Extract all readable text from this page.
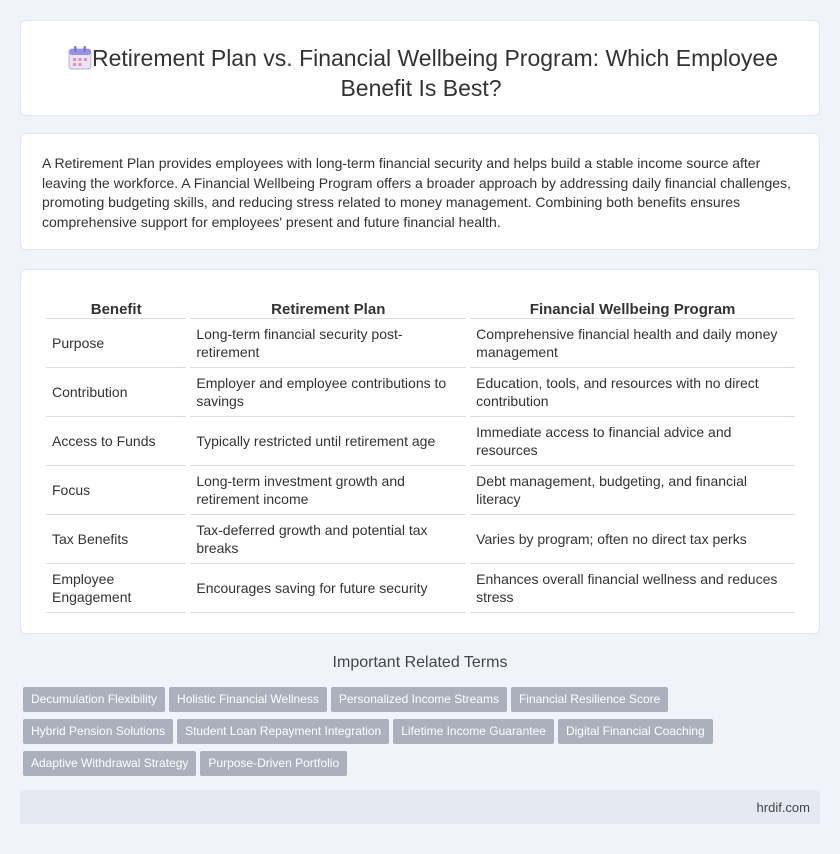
Retirement Plan vs. Financial Wellbeing Program: Which Employee Benefit Is Best?

A Retirement Plan provides employees with long-term financial security and helps build a stable income source after leaving the workforce. A Financial Wellbeing Program offers a broader approach by addressing daily financial challenges, promoting budgeting skills, and reducing stress related to money management. Combining both benefits ensures comprehensive support for employees' present and future financial health.

Benefit	Retirement Plan	Financial Wellbeing Program
Purpose	Long-term financial security post-retirement	Comprehensive financial health and daily money management
Contribution	Employer and employee contributions to savings	Education, tools, and resources with no direct contribution
Access to Funds	Typically restricted until retirement age	Immediate access to financial advice and resources
Focus	Long-term investment growth and retirement income	Debt management, budgeting, and financial literacy
Tax Benefits	Tax-deferred growth and potential tax breaks	Varies by program; often no direct tax perks
Employee Engagement	Encourages saving for future security	Enhances overall financial wellness and reduces stress
Important Related Terms
Decumulation Flexibility Holistic Financial Wellness Personalized Income Streams Financial Resilience Score
Hybrid Pension Solutions Student Loan Repayment Integration Lifetime Income Guarantee Digital Financial Coaching
Adaptive Withdrawal Strategy Purpose-Driven Portfolio
hrdif.com
